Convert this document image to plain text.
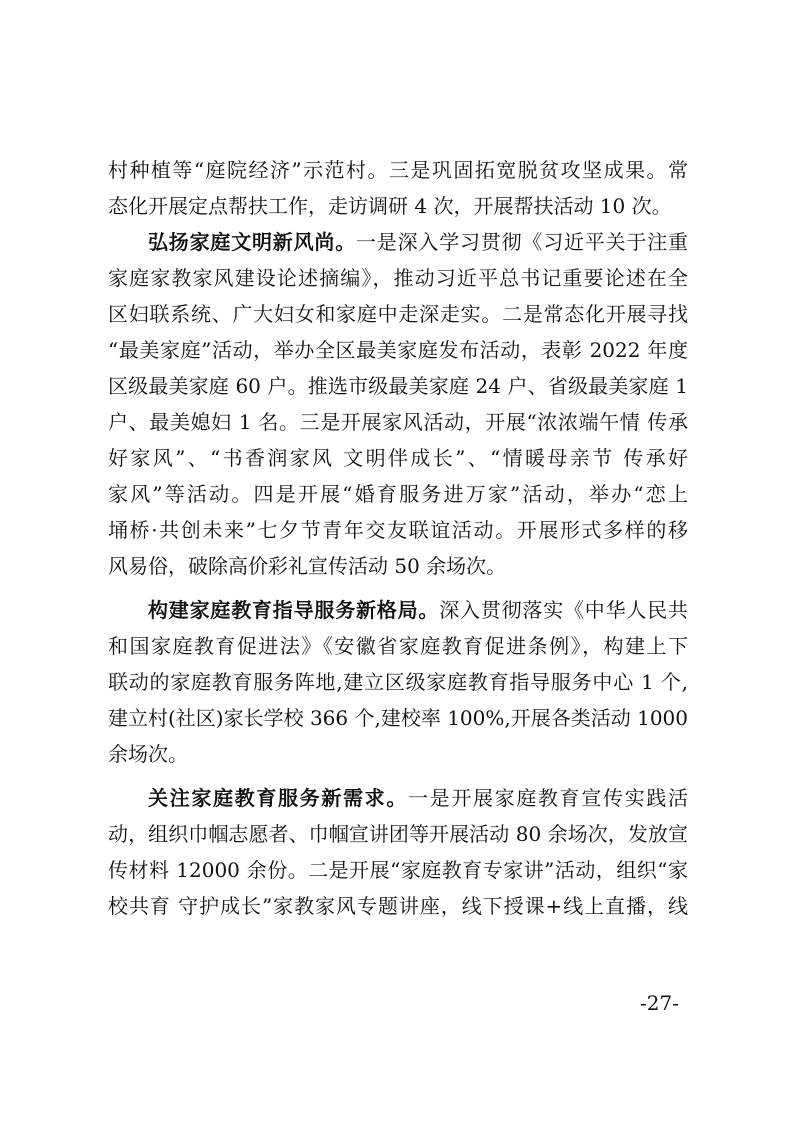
村种植等“庭院经济”示范村。三是巩固拓宽脱贫攻坚成果。常
态化开展定点帮扶工作，走访调研 4 次，开展帮扶活动 10 次。
弘扬家庭文明新风尚。一是深入学习贯彻《习近平关于注重
家庭家教家风建设论述摘编》，推动习近平总书记重要论述在全
区妇联系统、广大妇女和家庭中走深走实。二是常态化开展寻找
“最美家庭”活动，举办全区最美家庭发布活动，表彰 2022 年度
区级最美家庭 60 户。推选市级最美家庭 24 户、省级最美家庭 1
户、最美媳妇 1 名。三是开展家风活动，开展“浓浓端午情 传承
好家风”、“书香润家风 文明伴成长”、“情暖母亲节 传承好
家风”等活动。四是开展“婚育服务进万家”活动，举办“恋上
埇桥·共创未来”七夕节青年交友联谊活动。开展形式多样的移
风易俗，破除高价彩礼宣传活动 50 余场次。
构建家庭教育指导服务新格局。深入贯彻落实《中华人民共
和国家庭教育促进法》《安徽省家庭教育促进条例》，构建上下
联动的家庭教育服务阵地,建立区级家庭教育指导服务中心 1 个,
建立村(社区)家长学校 366 个,建校率 100%,开展各类活动 1000
余场次。
关注家庭教育服务新需求。一是开展家庭教育宣传实践活
动，组织巾帼志愿者、巾帼宣讲团等开展活动 80 余场次，发放宣
传材料 12000 余份。二是开展“家庭教育专家讲”活动，组织“家
校共育 守护成长”家教家风专题讲座，线下授课+线上直播，线
-27-
